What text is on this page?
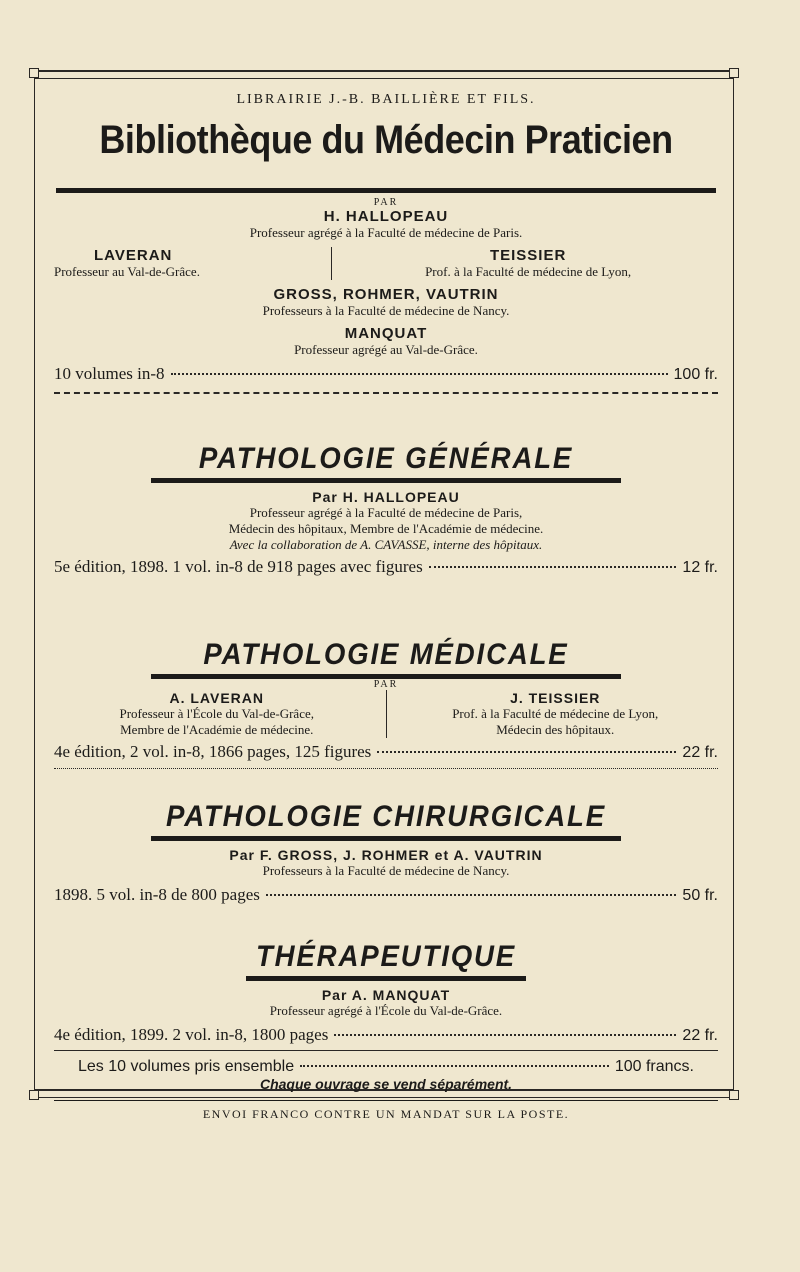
LIBRAIRIE J.-B. BAILLIÈRE ET FILS.
Bibliothèque du Médecin Praticien
PAR
H. HALLOPEAU
Professeur agrégé à la Faculté de médecine de Paris.
LAVERAN
Professeur au Val-de-Grâce.
TEISSIER
Prof. à la Faculté de médecine de Lyon,
GROSS, ROHMER, VAUTRIN
Professeurs à la Faculté de médecine de Nancy.
MANQUAT
Professeur agrégé au Val-de-Grâce.
10 volumes in-8	100 fr.
PATHOLOGIE GÉNÉRALE
Par H. HALLOPEAU
Professeur agrégé à la Faculté de médecine de Paris,
Médecin des hôpitaux, Membre de l'Académie de médecine.
Avec la collaboration de A. CAVASSE, interne des hôpitaux.
5e édition, 1898. 1 vol. in-8 de 918 pages avec figures	12 fr.
PATHOLOGIE MÉDICALE
PAR
A. LAVERAN
Professeur à l'École du Val-de-Grâce,
Membre de l'Académie de médecine.
J. TEISSIER
Prof. à la Faculté de médecine de Lyon,
Médecin des hôpitaux.
4e édition, 2 vol. in-8, 1866 pages, 125 figures	22 fr.
PATHOLOGIE CHIRURGICALE
Par F. GROSS, J. ROHMER et A. VAUTRIN
Professeurs à la Faculté de médecine de Nancy.
1898. 5 vol. in-8 de 800 pages	50 fr.
THÉRAPEUTIQUE
Par A. MANQUAT
Professeur agrégé à l'École du Val-de-Grâce.
4e édition, 1899. 2 vol. in-8, 1800 pages	22 fr.
Les 10 volumes pris ensemble	100 francs.
Chaque ouvrage se vend séparément.
ENVOI FRANCO CONTRE UN MANDAT SUR LA POSTE.
